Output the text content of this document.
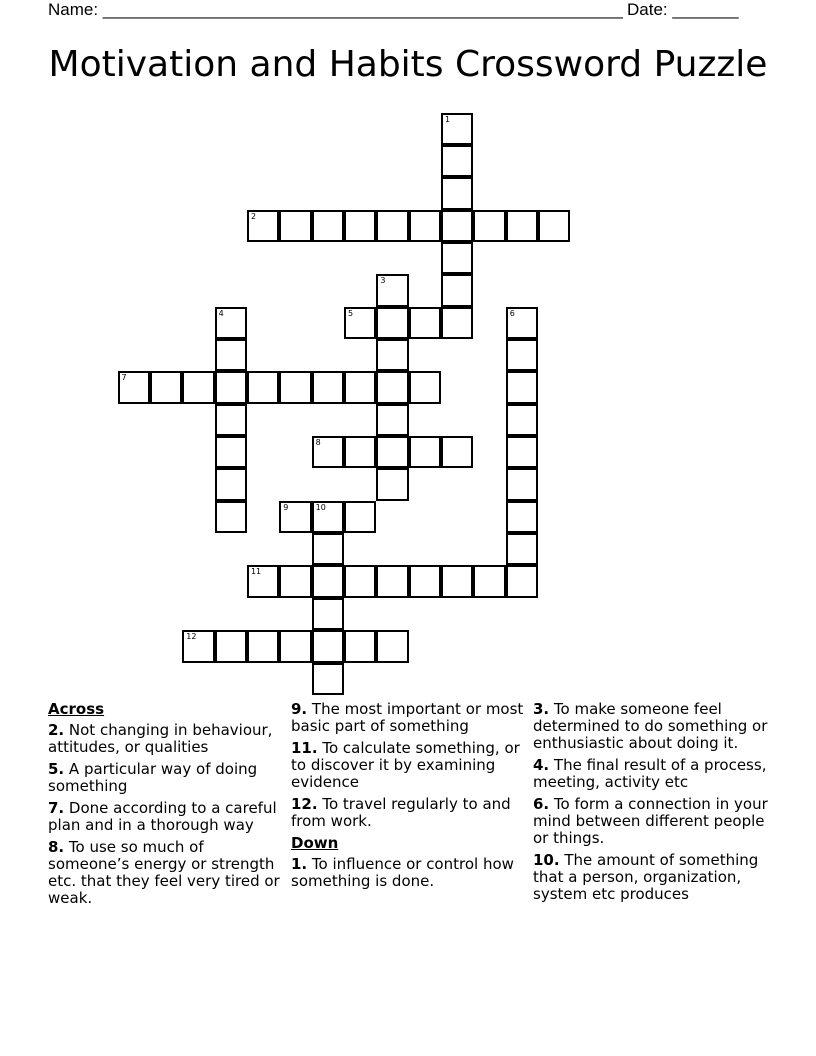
Name: _______________________________________________________ Date: _______
Motivation and Habits Crossword Puzzle
1
2
3
4	5	6
7
8
9	10
11
12
Across
2. Not changing in behaviour, attitudes, or qualities
5. A particular way of doing something
7. Done according to a careful plan and in a thorough way
8. To use so much of someone’s energy or strength etc. that they feel very tired or weak.
9. The most important or most basic part of something
11. To calculate something, or to discover it by examining evidence
12. To travel regularly to and from work.
Down
1. To influence or control how something is done.
3. To make someone feel determined to do something or enthusiastic about doing it.
4. The final result of a process, meeting, activity etc
6. To form a connection in your mind between different people or things.
10. The amount of something that a person, organization, system etc produces
